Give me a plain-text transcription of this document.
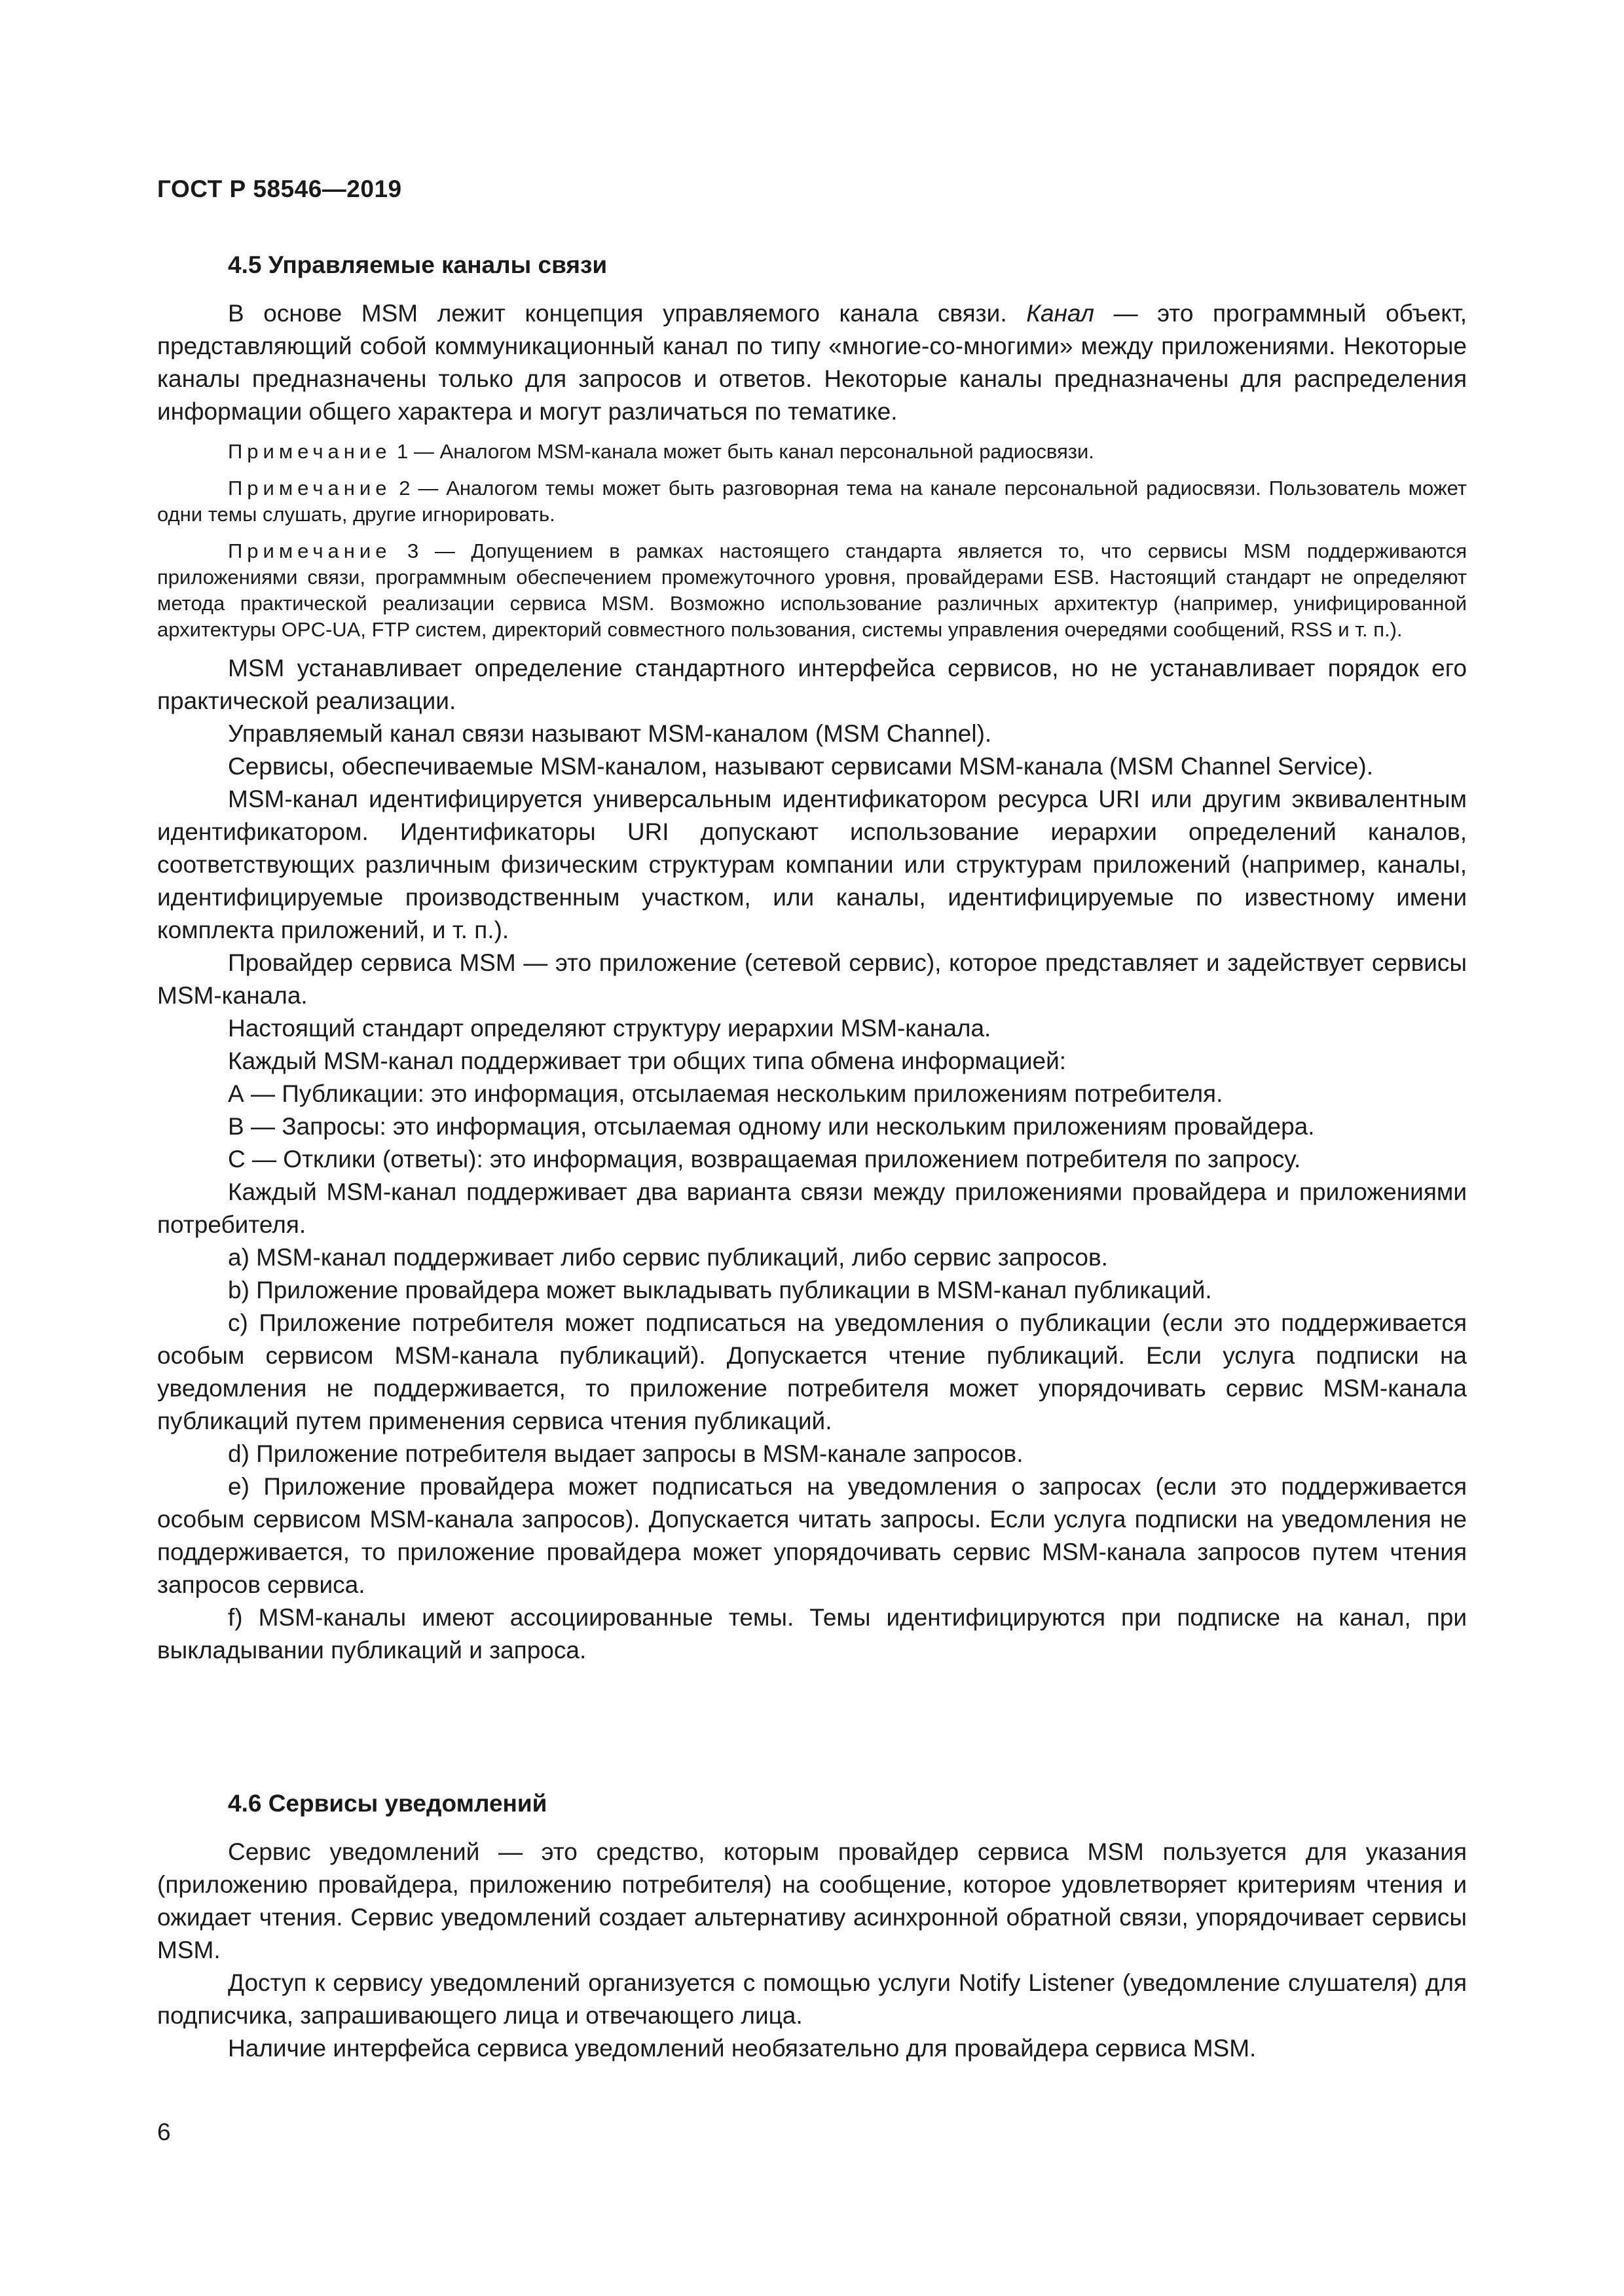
ГОСТ Р 58546—2019
4.5 Управляемые каналы связи

В основе MSM лежит концепция управляемого канала связи. Канал — это программный объект, представляющий собой коммуникационный канал по типу «многие-со-многими» между приложениями. Некоторые каналы предназначены только для запросов и ответов. Некоторые каналы предназначены для распределения информации общего характера и могут различаться по тематике.

Примечание 1 — Аналогом MSM-канала может быть канал персональной радиосвязи.

Примечание 2 — Аналогом темы может быть разговорная тема на канале персональной радиосвязи. Пользователь может одни темы слушать, другие игнорировать.

Примечание 3 — Допущением в рамках настоящего стандарта является то, что сервисы MSM поддерживаются приложениями связи, программным обеспечением промежуточного уровня, провайдерами ESB. Настоящий стандарт не определяют метода практической реализации сервиса MSM. Возможно использование различных архитектур (например, унифицированной архитектуры OPC-UA, FTP систем, директорий совместного пользования, системы управления очередями сообщений, RSS и т. п.).

MSM устанавливает определение стандартного интерфейса сервисов, но не устанавливает порядок его практической реализации.

Управляемый канал связи называют MSM-каналом (MSM Channel).

Сервисы, обеспечиваемые MSM-каналом, называют сервисами MSM-канала (MSM Channel Service).

MSM-канал идентифицируется универсальным идентификатором ресурса URI или другим эквивалентным идентификатором. Идентификаторы URI допускают использование иерархии определений каналов, соответствующих различным физическим структурам компании или структурам приложений (например, каналы, идентифицируемые производственным участком, или каналы, идентифицируемые по известному имени комплекта приложений, и т. п.).

Провайдер сервиса MSM — это приложение (сетевой сервис), которое представляет и задействует сервисы MSM-канала.

Настоящий стандарт определяют структуру иерархии MSM-канала.

Каждый MSM-канал поддерживает три общих типа обмена информацией:

А — Публикации: это информация, отсылаемая нескольким приложениям потребителя.

В — Запросы: это информация, отсылаемая одному или нескольким приложениям провайдера.

С — Отклики (ответы): это информация, возвращаемая приложением потребителя по запросу.

Каждый MSM-канал поддерживает два варианта связи между приложениями провайдера и приложениями потребителя.

a) MSM-канал поддерживает либо сервис публикаций, либо сервис запросов.

b) Приложение провайдера может выкладывать публикации в MSM-канал публикаций.

c) Приложение потребителя может подписаться на уведомления о публикации (если это поддерживается особым сервисом MSM-канала публикаций). Допускается чтение публикаций. Если услуга подписки на уведомления не поддерживается, то приложение потребителя может упорядочивать сервис MSM-канала публикаций путем применения сервиса чтения публикаций.

d) Приложение потребителя выдает запросы в MSM-канале запросов.

e) Приложение провайдера может подписаться на уведомления о запросах (если это поддерживается особым сервисом MSM-канала запросов). Допускается читать запросы. Если услуга подписки на уведомления не поддерживается, то приложение провайдера может упорядочивать сервис MSM-канала запросов путем чтения запросов сервиса.

f) MSM-каналы имеют ассоциированные темы. Темы идентифицируются при подписке на канал, при выкладывании публикаций и запроса.

4.6 Сервисы уведомлений

Сервис уведомлений — это средство, которым провайдер сервиса MSM пользуется для указания (приложению провайдера, приложению потребителя) на сообщение, которое удовлетворяет критериям чтения и ожидает чтения. Сервис уведомлений создает альтернативу асинхронной обратной связи, упорядочивает сервисы MSM.

Доступ к сервису уведомлений организуется с помощью услуги Notify Listener (уведомление слушателя) для подписчика, запрашивающего лица и отвечающего лица.

Наличие интерфейса сервиса уведомлений необязательно для провайдера сервиса MSM.

6
